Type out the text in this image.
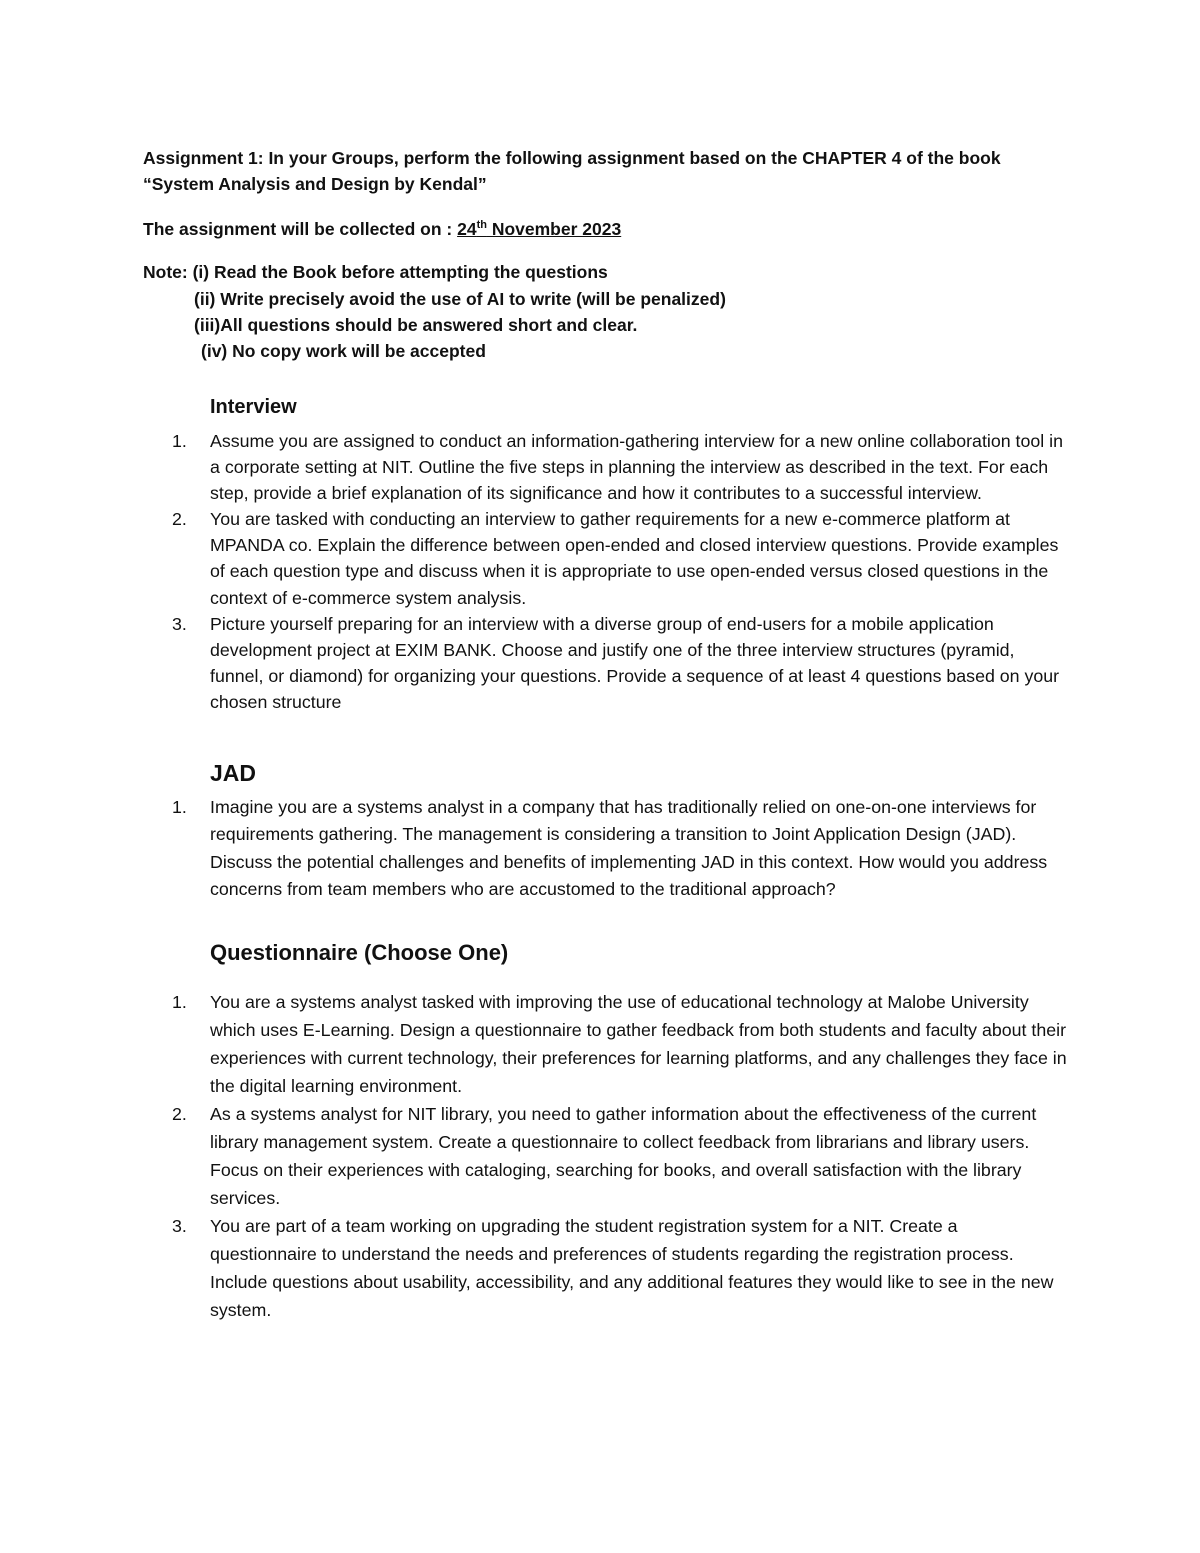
Assignment 1: In your Groups, perform the following assignment based on the CHAPTER 4 of the book
“System Analysis and Design by Kendal”
The assignment will be collected on : 24th November 2023
Note: (i) Read the Book before attempting the questions
(ii) Write precisely avoid the use of AI to write (will be penalized)
(iii)All questions should be answered short and clear.
(iv) No copy work will be accepted
Interview
1. Assume you are assigned to conduct an information-gathering interview for a new online collaboration tool in a corporate setting at NIT. Outline the five steps in planning the interview as described in the text. For each step, provide a brief explanation of its significance and how it contributes to a successful interview.
2. You are tasked with conducting an interview to gather requirements for a new e-commerce platform at MPANDA co. Explain the difference between open-ended and closed interview questions. Provide examples of each question type and discuss when it is appropriate to use open-ended versus closed questions in the context of e-commerce system analysis.
3. Picture yourself preparing for an interview with a diverse group of end-users for a mobile application development project at EXIM BANK. Choose and justify one of the three interview structures (pyramid, funnel, or diamond) for organizing your questions. Provide a sequence of at least 4 questions based on your chosen structure
JAD
1. Imagine you are a systems analyst in a company that has traditionally relied on one-on-one interviews for requirements gathering. The management is considering a transition to Joint Application Design (JAD). Discuss the potential challenges and benefits of implementing JAD in this context. How would you address concerns from team members who are accustomed to the traditional approach?
Questionnaire (Choose One)
1. You are a systems analyst tasked with improving the use of educational technology at Malobe University which uses E-Learning. Design a questionnaire to gather feedback from both students and faculty about their experiences with current technology, their preferences for learning platforms, and any challenges they face in the digital learning environment.
2. As a systems analyst for NIT library, you need to gather information about the effectiveness of the current library management system. Create a questionnaire to collect feedback from librarians and library users. Focus on their experiences with cataloging, searching for books, and overall satisfaction with the library services.
3. You are part of a team working on upgrading the student registration system for a NIT. Create a questionnaire to understand the needs and preferences of students regarding the registration process. Include questions about usability, accessibility, and any additional features they would like to see in the new system.
